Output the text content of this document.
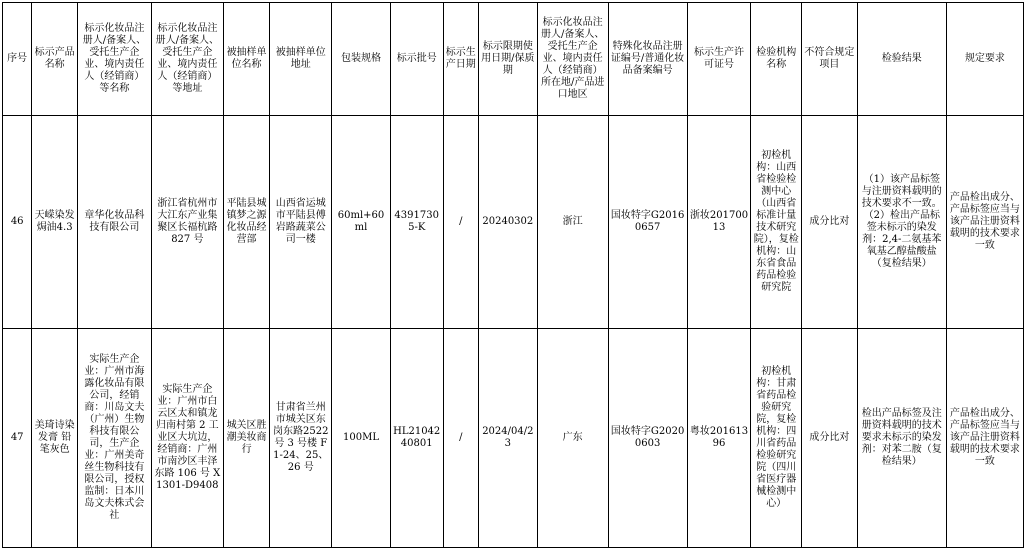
序号	标示产品名称	标示化妆品注册人/备案人、受托生产企业、境内责任人（经销商）等名称	标示化妆品注册人/备案人、受托生产企业、境内责任人（经销商）等地址	被抽样单位名称	被抽样单位地址	包装规格	标示批号	标示生产日期	标示限期使用日期/保质期	标示化妆品注册人/备案人、受托生产企业、境内责任人（经销商）所在地/产品进口地区	特殊化妆品注册证编号/普通化妆品备案编号	标示生产许可证号	检验机构名称	不符合规定项目	检验结果	规定要求
46	天嵘染发焗油4.3	章华化妆品科技有限公司	浙江省杭州市大江东产业集聚区长福杭路 827 号	平陆县城镇梦之源化妆品经营部	山西省运城市平陆县傅岩路蔬菜公司一楼	60ml+60ml	43917305-K	/	20240302	浙江	国妆特字G20160657	浙妆20170013	初检机构：山西省检验检测中心（山西省标准计量技术研究院），复检机构：山东省食品药品检验研究院	成分比对	（1）该产品标签与注册资料载明的技术要求不一致。（2）检出产品标签未标示的染发剂：2,4-二氨基苯氧基乙醇盐酸盐（复检结果）	产品检出成分、产品标签应当与该产品注册资料载明的技术要求一致
47	美琦诗染发膏 铅笔灰色	实际生产企业：广州市海露化妆品有限公司，经销商：川岛文夫（广州）生物科技有限公司，生产企业：广州美奇丝生物科技有限公司，授权监制：日本川岛文夫株式会社	实际生产企业：广州市白云区太和镇龙归南村第 2 工业区大坑边，经销商：广州市南沙区丰泽东路 106 号 X1301-D9408	城关区胜潮美妆商行	甘肃省兰州市城关区东岗东路2522 号 3 号楼 F1-24、25、26 号	100ML	HL2104240801	/	2024/04/23	广东	国妆特字G20200603	粤妆20161396	初检机构：甘肃省药品检验研究院，复检机构：四川省药品检验研究院（四川省医疗器械检测中心）	成分比对	检出产品标签及注册资料载明的技术要求未标示的染发剂：对苯二胺（复检结果）	产品检出成分、产品标签应当与该产品注册资料载明的技术要求一致
